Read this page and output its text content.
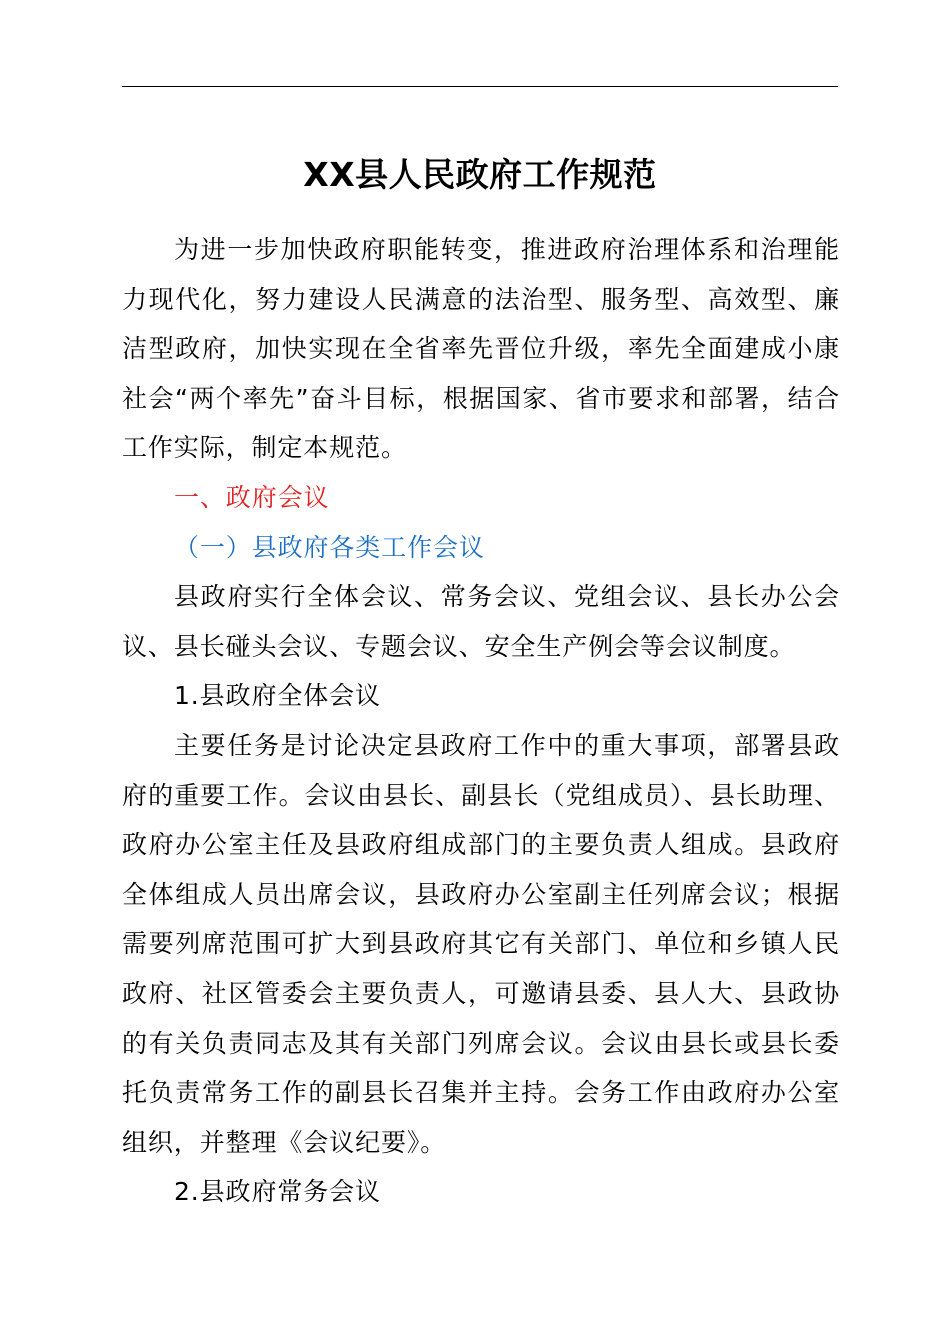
XX县人民政府工作规范

为进一步加快政府职能转变，推进政府治理体系和治理能力现代化，努力建设人民满意的法治型、服务型、高效型、廉洁型政府，加快实现在全省率先晋位升级，率先全面建成小康社会“两个率先”奋斗目标，根据国家、省市要求和部署，结合工作实际，制定本规范。

一、政府会议

（一）县政府各类工作会议

县政府实行全体会议、常务会议、党组会议、县长办公会议、县长碰头会议、专题会议、安全生产例会等会议制度。

1.县政府全体会议

主要任务是讨论决定县政府工作中的重大事项，部署县政府的重要工作。会议由县长、副县长（党组成员）、县长助理、政府办公室主任及县政府组成部门的主要负责人组成。县政府全体组成人员出席会议，县政府办公室副主任列席会议；根据需要列席范围可扩大到县政府其它有关部门、单位和乡镇人民政府、社区管委会主要负责人，可邀请县委、县人大、县政协的有关负责同志及其有关部门列席会议。会议由县长或县长委托负责常务工作的副县长召集并主持。会务工作由政府办公室组织，并整理《会议纪要》。

2.县政府常务会议
